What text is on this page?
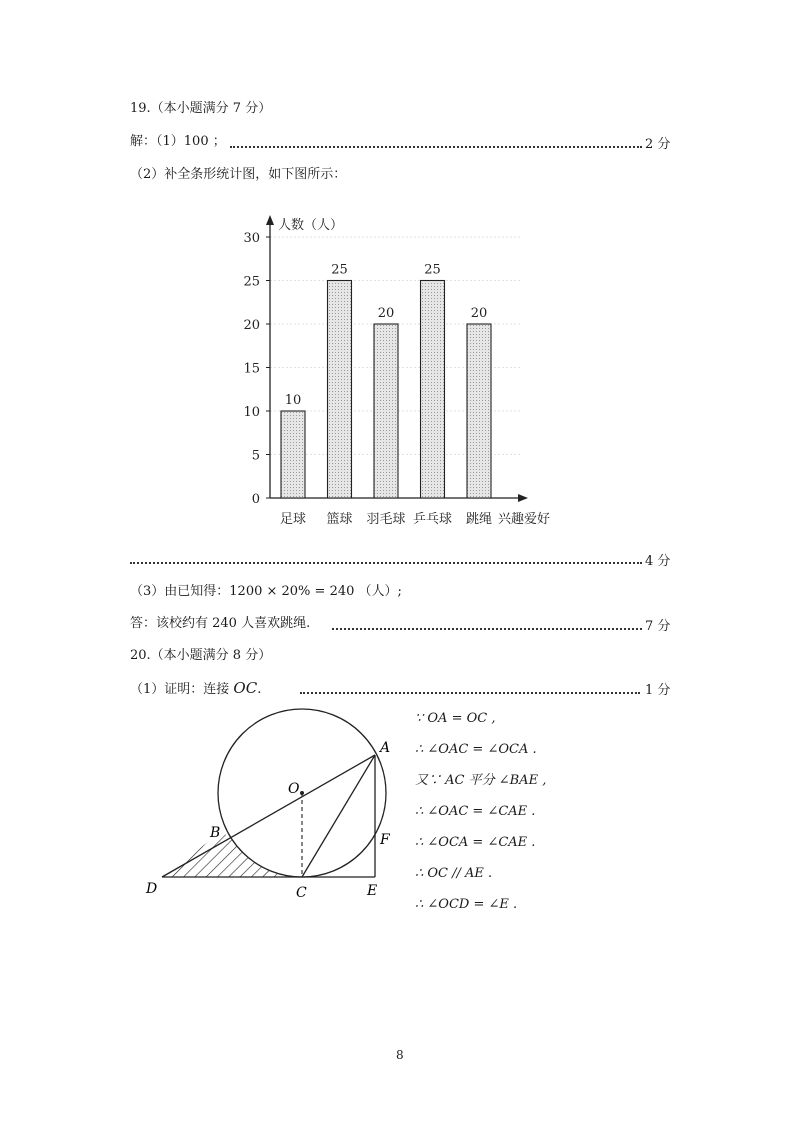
19.（本小题满分 7 分）
解：（1）100 ；	2 分
（2）补全条形统计图，如下图所示：
0
5
10
15
20
25
30
人数（人）
兴趣爱好
10
足球
25
篮球
20
羽毛球
25
乒乓球
20
跳绳
4 分
（3）由已知得：1200 × 20% = 240 （人）;
答：该校约有 240 人喜欢跳绳.	7 分
20.（本小题满分 8 分）
（1）证明：连接 OC.	1 分
A
B
C
D	E
F
O
∵ OA = OC ,
∴ ∠OAC = ∠OCA .
又∵ AC 平分 ∠BAE ,
∴ ∠OAC = ∠CAE .
∴ ∠OCA = ∠CAE .
∴ OC // AE .
∴ ∠OCD = ∠E .
8
